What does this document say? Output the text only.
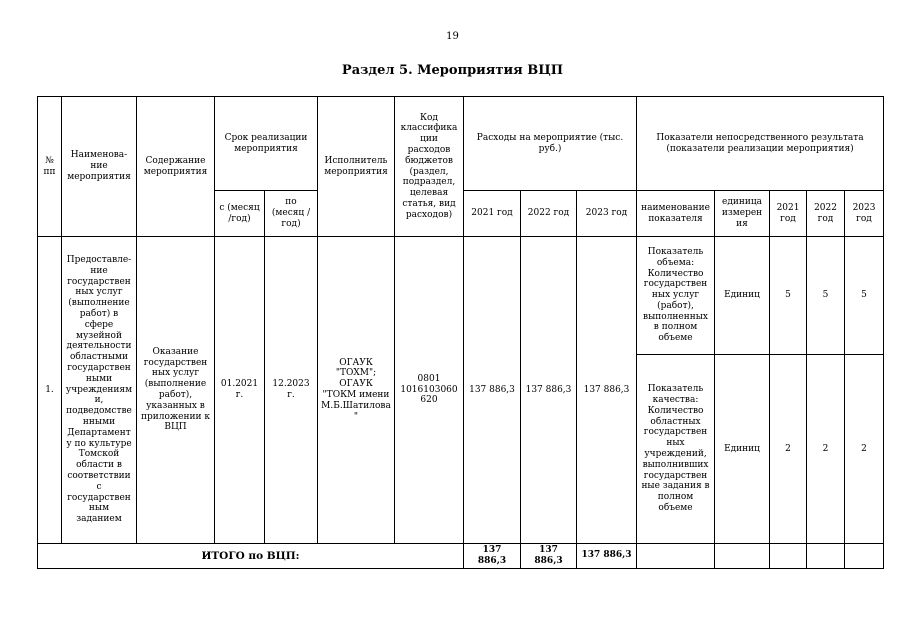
19
Раздел 5. Мероприятия ВЦП
№ пп	Наименова-ние мероприятия	Содержание мероприятия	Срок реализации мероприятия		Исполнитель мероприятия	Код классифика ции расходов бюджетов (раздел, подраздел, целевая статья, вид расходов)	Расходы на мероприятие (тыс. руб.)			Показатели непосредственного результата (показатели реализации мероприятия)				
			с (месяц /год)	по (месяц /год)			2021 год	2022 год	2023 год	наименование показателя	единица измерен ия	2021 год	2022 год	2023 год
1.	Предоставле-ние государствен ных услуг (выполнение работ) в сфере музейной деятельности областными государствен ными учреждениям и, подведомстве нными Департамент у по культуре Томской области в соответствии с государствен ным заданием	Оказание государствен ных услуг (выполнение работ), указанных в приложении к ВЦП	01.2021 г.	12.2023 г.	ОГАУК "ТОХМ"; ОГАУК "ТОКМ имени М.Б.Шатилова "	0801 1016103060 620	137 886,3	137 886,3	137 886,3	Показатель объема: Количество государствен ных услуг (работ), выполненных в полном объеме	Единиц	5	5	5
										Показатель качества: Количество областных государствен ных учреждений, выполнивших государствен ные задания в полном объеме	Единиц	2	2	2
ИТОГО по ВЦП:							137 886,3	137 886,3	137 886,3					
